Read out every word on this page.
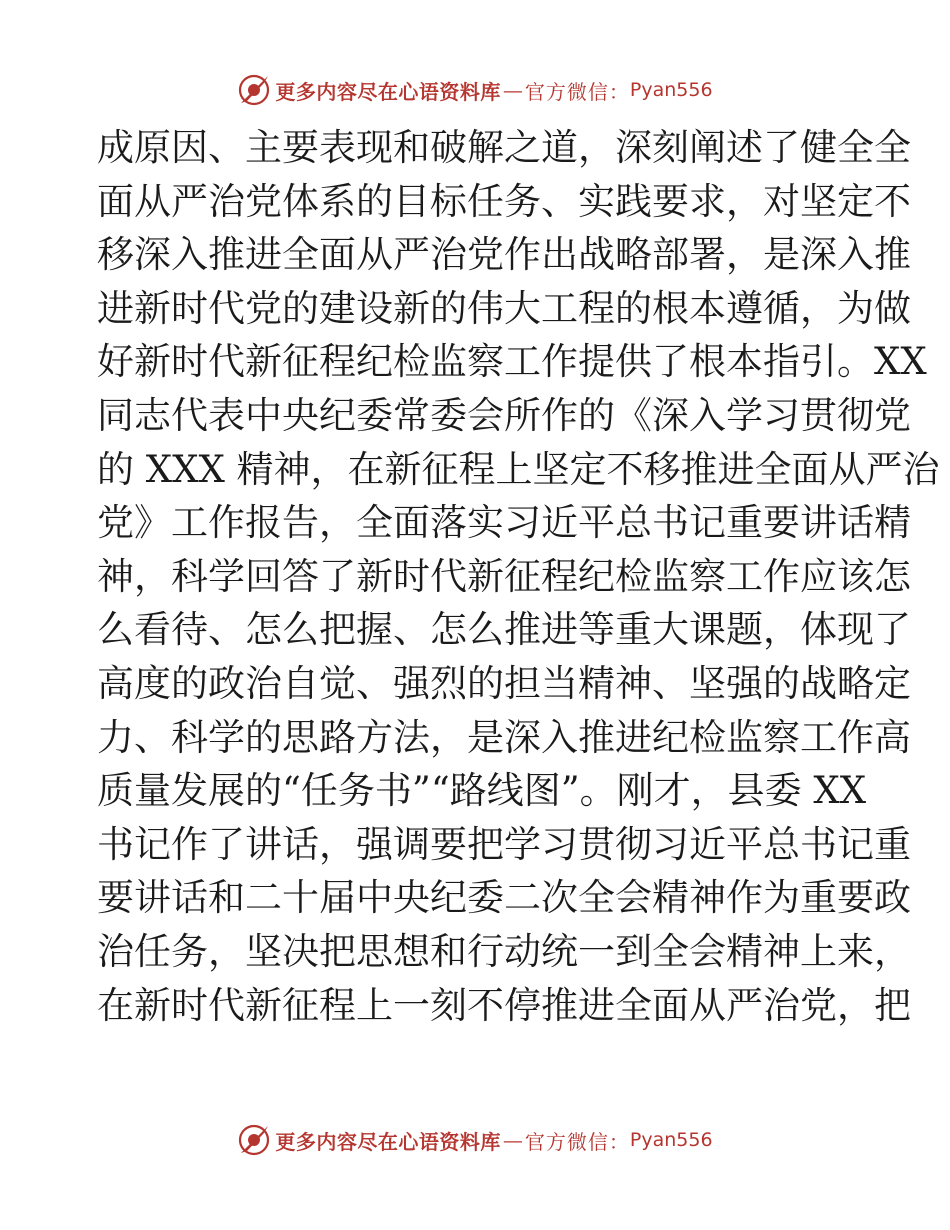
更多内容尽在心语资料库 — 官方微信： Pyan556
成原因、主要表现和破解之道，深刻阐述了健全全
面从严治党体系的目标任务、实践要求，对坚定不
移深入推进全面从严治党作出战略部署，是深入推
进新时代党的建设新的伟大工程的根本遵循，为做
好新时代新征程纪检监察工作提供了根本指引。XX
同志代表中央纪委常委会所作的《深入学习贯彻党
的 XXX 精神，在新征程上坚定不移推进全面从严治
党》工作报告，全面落实习近平总书记重要讲话精
神，科学回答了新时代新征程纪检监察工作应该怎
么看待、怎么把握、怎么推进等重大课题，体现了
高度的政治自觉、强烈的担当精神、坚强的战略定
力、科学的思路方法，是深入推进纪检监察工作高
质量发展的“任务书”“路线图”。刚才，县委 XX
书记作了讲话，强调要把学习贯彻习近平总书记重
要讲话和二十届中央纪委二次全会精神作为重要政
治任务，坚决把思想和行动统一到全会精神上来，
在新时代新征程上一刻不停推进全面从严治党，把
更多内容尽在心语资料库 — 官方微信： Pyan556
